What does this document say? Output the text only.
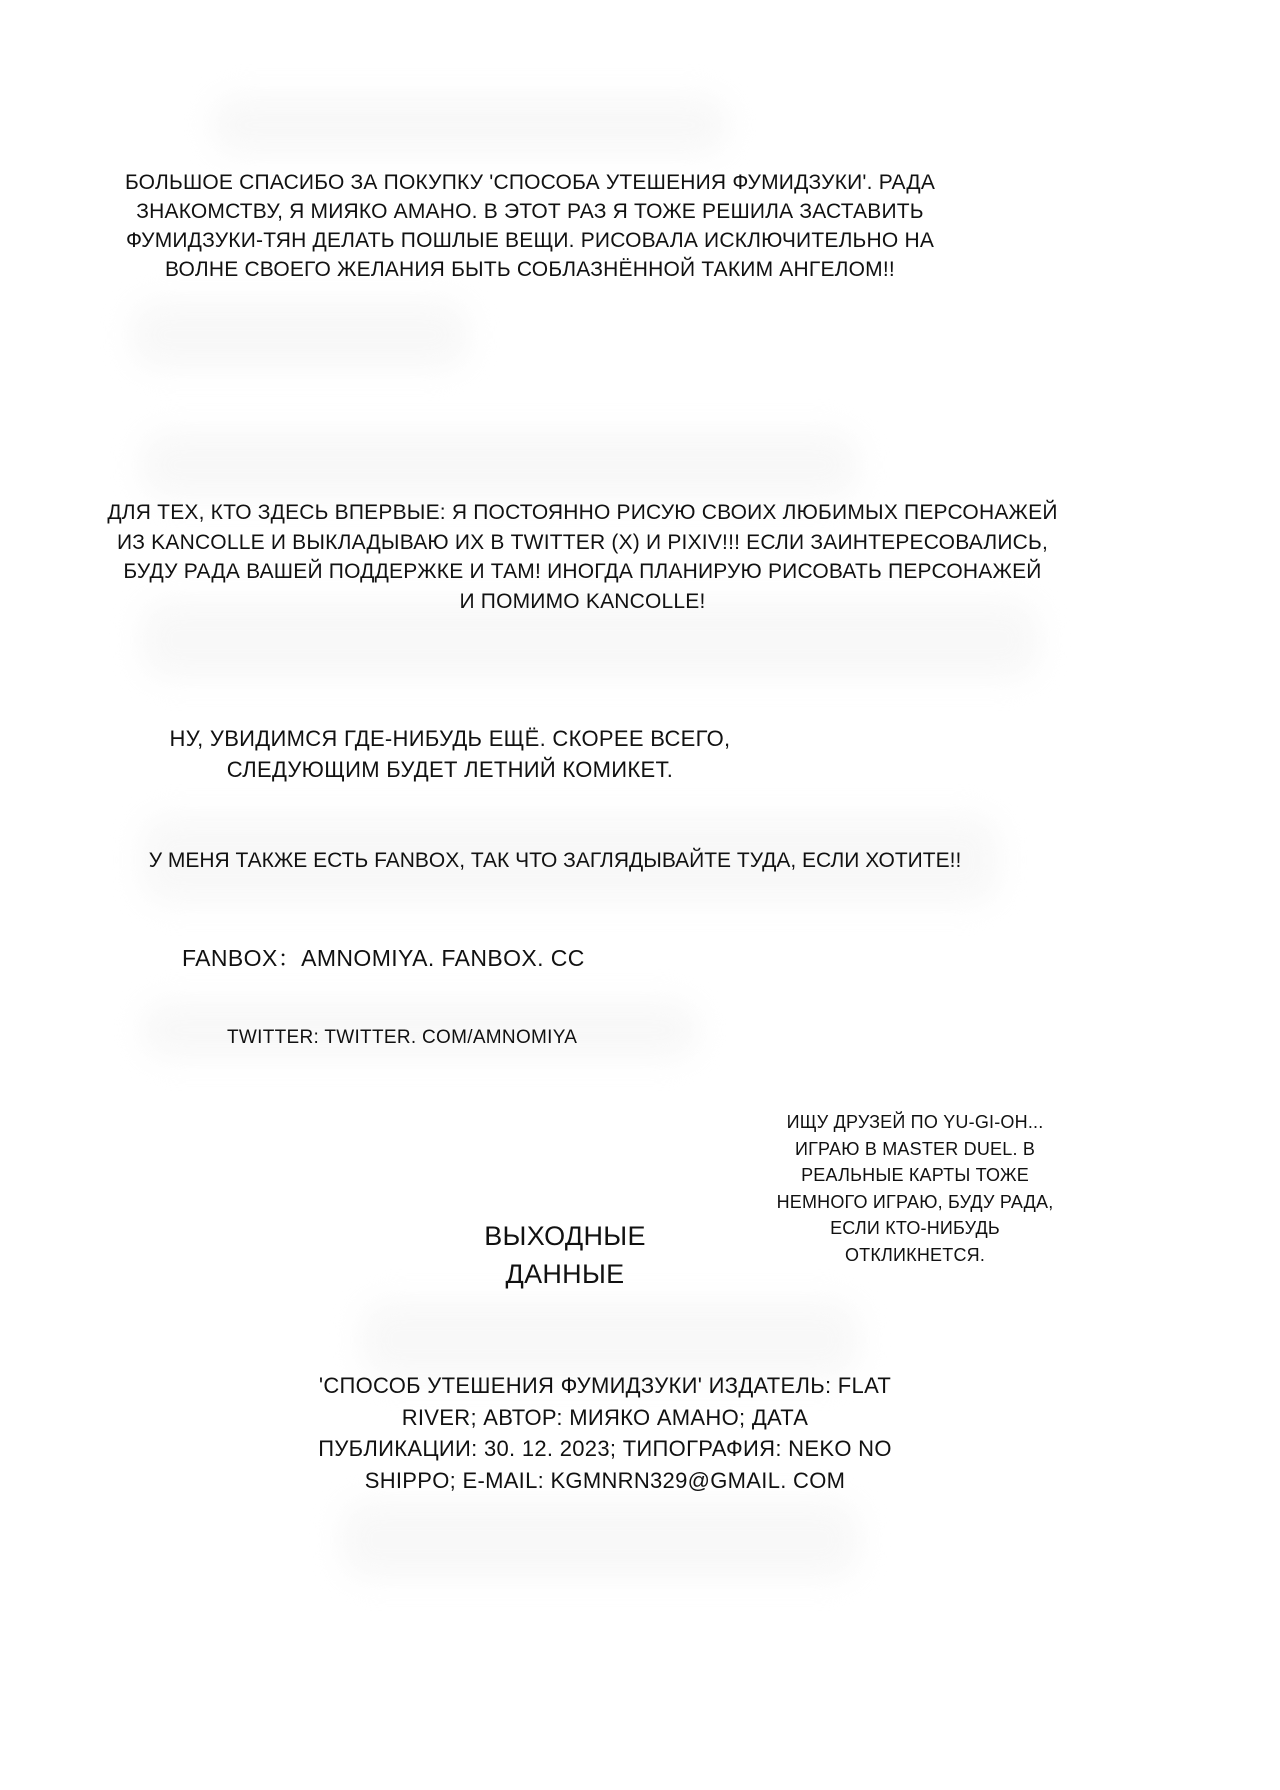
БОЛЬШОЕ СПАСИБО ЗА ПОКУПКУ 'СПОСОБА УТЕШЕНИЯ ФУМИДЗУКИ'. РАДА
ЗНАКОМСТВУ, Я МИЯКО АМАНО. В ЭТОТ РАЗ Я ТОЖЕ РЕШИЛА ЗАСТАВИТЬ
ФУМИДЗУКИ-ТЯН ДЕЛАТЬ ПОШЛЫЕ ВЕЩИ. РИСОВАЛА ИСКЛЮЧИТЕЛЬНО НА
ВОЛНЕ СВОЕГО ЖЕЛАНИЯ БЫТЬ СОБЛАЗНЁННОЙ ТАКИМ АНГЕЛОМ!!

ДЛЯ ТЕХ, КТО ЗДЕСЬ ВПЕРВЫЕ: Я ПОСТОЯННО РИСУЮ СВОИХ ЛЮБИМЫХ ПЕРСОНАЖЕЙ
ИЗ KANCOLLE И ВЫКЛАДЫВАЮ ИХ В TWITTER (X) И PIXIV!!! ЕСЛИ ЗАИНТЕРЕСОВАЛИСЬ,
БУДУ РАДА ВАШЕЙ ПОДДЕРЖКЕ И ТАМ! ИНОГДА ПЛАНИРУЮ РИСОВАТЬ ПЕРСОНАЖЕЙ
И ПОМИМО KANCOLLE!

НУ, УВИДИМСЯ ГДЕ-НИБУДЬ ЕЩЁ. СКОРЕЕ ВСЕГО,
СЛЕДУЮЩИМ БУДЕТ ЛЕТНИЙ КОМИКЕТ.

У МЕНЯ ТАКЖЕ ЕСТЬ FANBOX, ТАК ЧТО ЗАГЛЯДЫВАЙТЕ ТУДА, ЕСЛИ ХОТИТЕ!!

FANBOX：AMNOMIYA. FANBOX. CC
TWITTER: TWITTER. COM/AMNOMIYA

ИЩУ ДРУЗЕЙ ПО YU-GI-OH...
ИГРАЮ В MASTER DUEL. В
РЕАЛЬНЫЕ КАРТЫ ТОЖЕ
НЕМНОГО ИГРАЮ, БУДУ РАДА,
ЕСЛИ КТО-НИБУДЬ
ОТКЛИКНЕТСЯ.

ВЫХОДНЫЕ
ДАННЫЕ

'СПОСОБ УТЕШЕНИЯ ФУМИДЗУКИ' ИЗДАТЕЛЬ: FLAT
RIVER; АВТОР: МИЯКО АМАНО; ДАТА
ПУБЛИКАЦИИ: 30. 12. 2023; ТИПОГРАФИЯ: NEKO NO
SHIPPO; E-MAIL: KGMNRN329@GMAIL. COM
